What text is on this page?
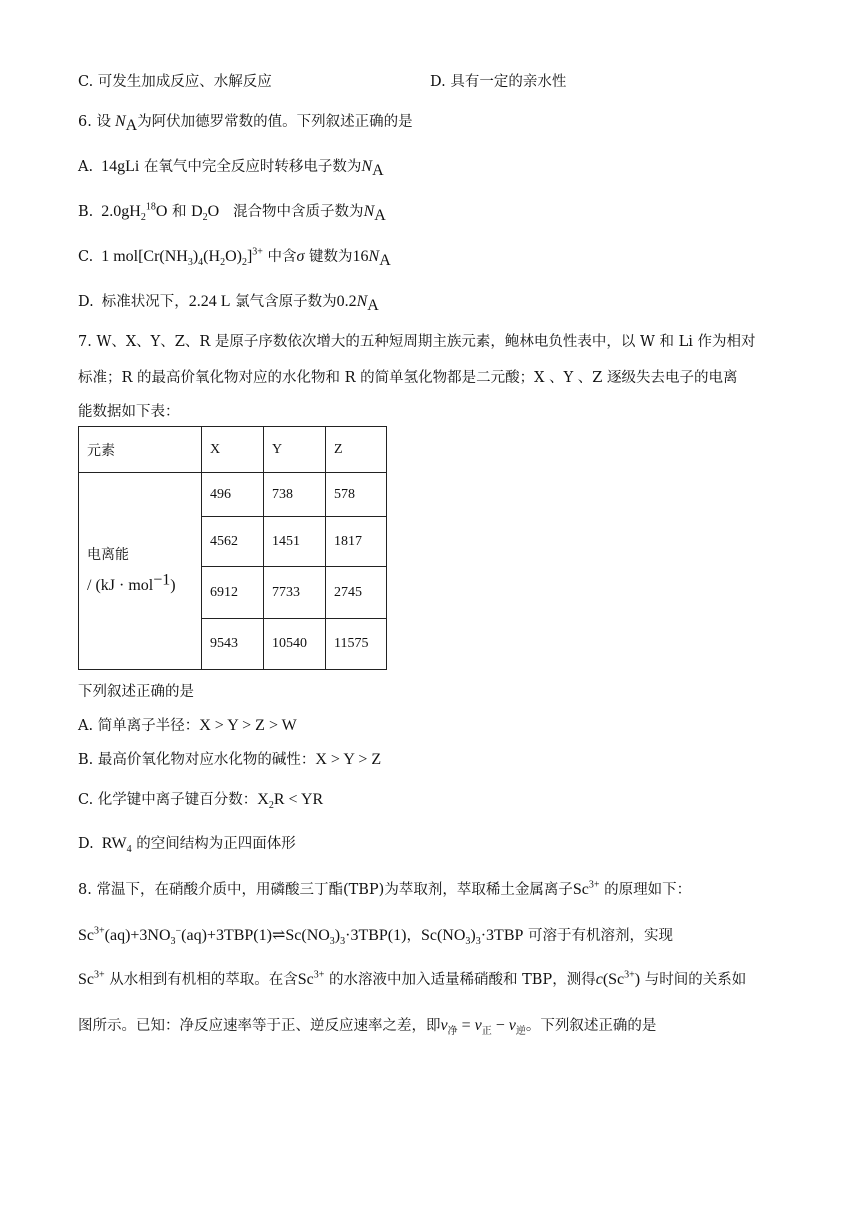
C. 可发生加成反应、水解反应	D. 具有一定的亲水性
6. 设 $N_A$为阿伏加德罗常数的值。下列叙述正确的是
A. 14gLi 在氧气中完全反应时转移电子数为$N_A$
B. $2.0gH_2^{18}O$ 和 $D_2O$ 混合物中含质子数为$N_A$
C. 1 $mol[Cr(NH_3)_4(H_2O)_2]^{3+}$ 中含σ 键数为$16N_A$
D. 标准状况下，2.24 L 氯气含原子数为$0.2N_A$
7. W、X、Y、Z、R 是原子序数依次增大的五种短周期主族元素，鲍林电负性表中，以 W 和 Li 作为相对
标准；R 的最高价氧化物对应的水化物和 R 的简单氢化物都是二元酸；X 、Y 、Z 逐级失去电子的电离
能数据如下表：
元素	X	Y	Z

电离能
/ (kJ · mol$^{-1}$)	496	738	578
	4562	1451	1817
	6912	7733	2745
	9543	10540	11575
下列叙述正确的是
A. 简单离子半径：X > Y > Z > W
B. 最高价氧化物对应水化物的碱性：X > Y > Z
C. 化学键中离子键百分数：$X_2R$ < YR
D. $RW_4$ 的空间结构为正四面体形
8. 常温下，在硝酸介质中，用磷酸三丁酯(TBP)为萃取剂，萃取稀土金属离子$Sc^{3+}$ 的原理如下：
$Sc^{3+}(aq)+3NO_3^-(aq)+3TBP(1)\rightleftharpoons Sc(NO_3)_3\cdot 3TBP(1)$，$Sc(NO_3)_3\cdot 3TBP$ 可溶于有机溶剂，实现
$Sc^{3+}$ 从水相到有机相的萃取。在含$Sc^{3+}$ 的水溶液中加入适量稀硝酸和 TBP，测得$c(Sc^{3+})$ 与时间的关系如
图所示。已知：净反应速率等于正、逆反应速率之差，即$v_净 = v_正 - v_逆$。下列叙述正确的是
